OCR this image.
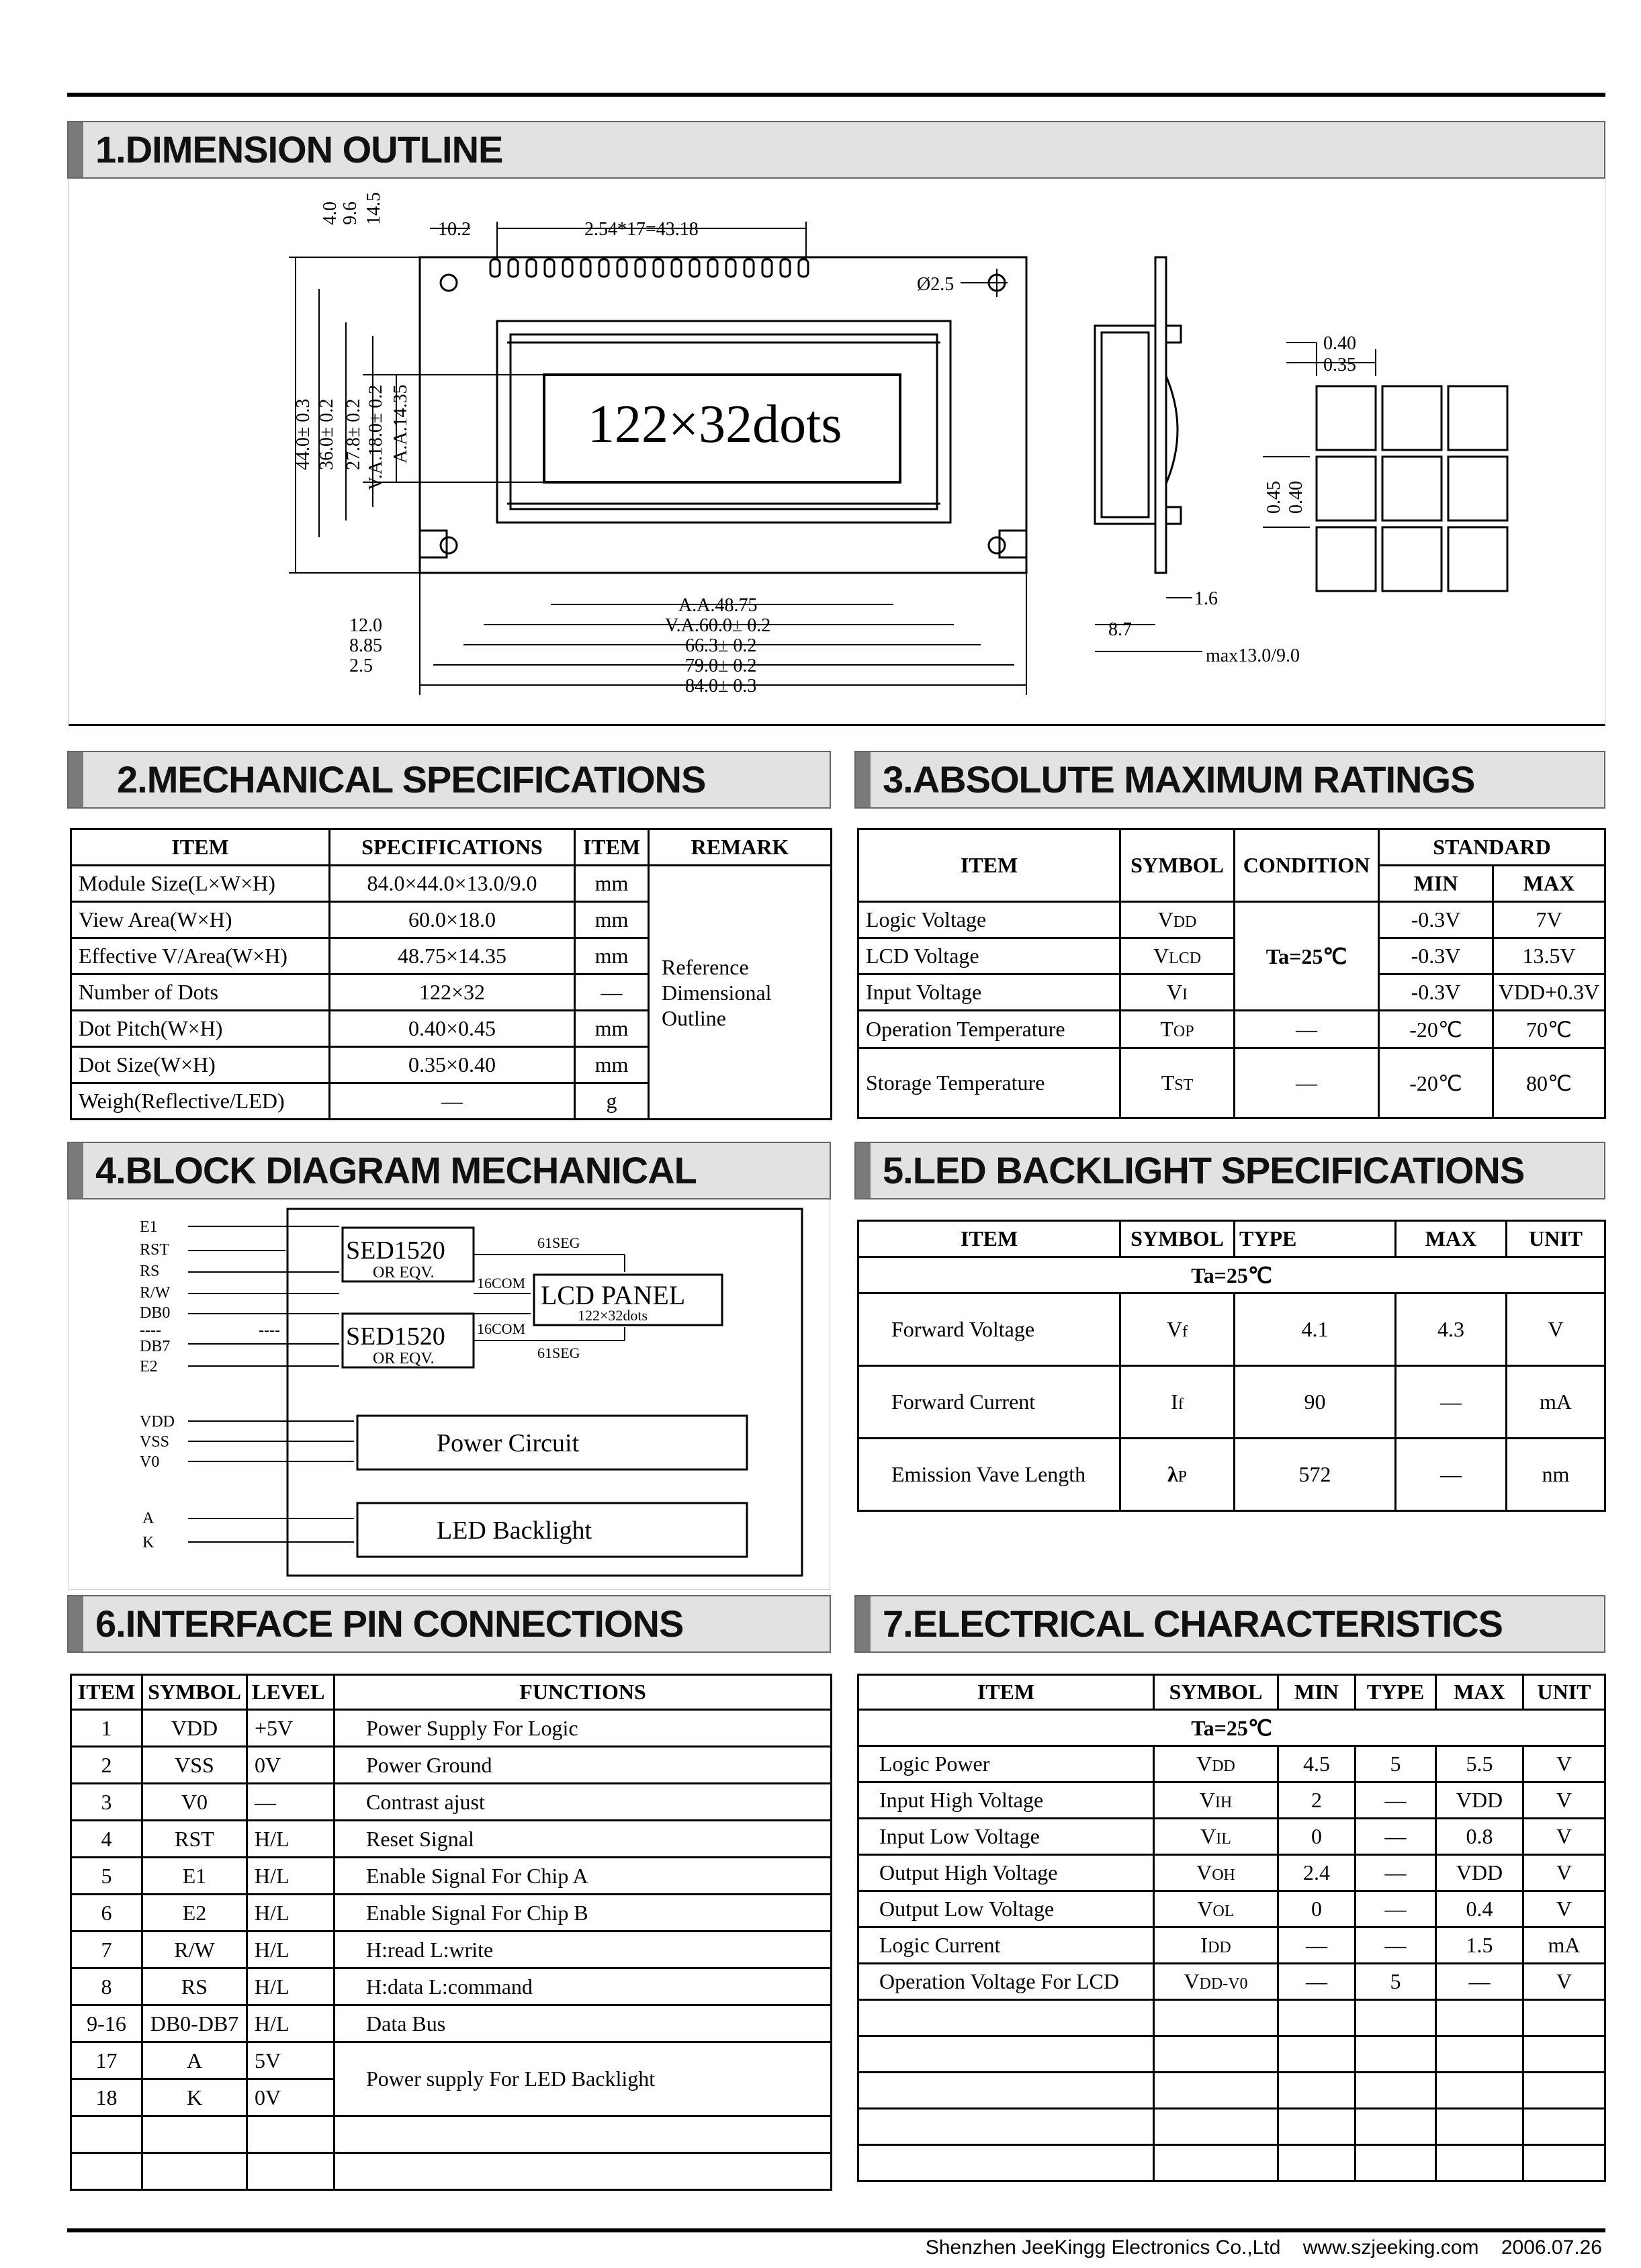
1.DIMENSION OUTLINE
10.2	2.54*17=43.18
Ø2.5
4.0 9.6 14.5
44.0± 0.3 36.0± 0.2 27.8± 0.2 V.A.18.0± 0.2 A.A.14.35
12.0
8.85
2.5
A.A.48.75
V.A.60.0± 0.2
66.3± 0.2
79.0± 0.2
84.0± 0.3
122×32dots
1.6
8.7
max13.0/9.0
0.40
0.35
0.45 0.40
2.MECHANICAL SPECIFICATIONS
ITEM	SPECIFICATIONS	ITEM	REMARK
Module Size(L×W×H)	84.0×44.0×13.0/9.0	mm	Reference
Dimensional
Outline

View Area(W×H)	60.0×18.0	mm	
Effective V/Area(W×H)	48.75×14.35	mm	
Number of Dots	122×32	—	
Dot Pitch(W×H)	0.40×0.45	mm	
Dot Size(W×H)	0.35×0.40	mm	
Weigh(Reflective/LED)	—	g	
3.ABSOLUTE MAXIMUM RATINGS
ITEM	SYMBOL	CONDITION	STANDARD	
			MIN	MAX
Logic Voltage	VDD	Ta=25℃	-0.3V	7V
LCD Voltage	VLCD		-0.3V	13.5V
Input Voltage	VI		-0.3V	VDD+0.3V
Operation Temperature	TOP	—	-20℃	70℃
Storage Temperature	TST	—	-20℃	80℃
4.BLOCK DIAGRAM MECHANICAL
E1
RST
RS
R/W
DB0
----
DB7
E2
----
VDD
VSS
V0
A
K
SED1520
OR EQV.
SED1520
OR EQV.
LCD PANEL
122×32dots
61SEG
61SEG
16COM
16COM
Power Circuit
LED Backlight
5.LED BACKLIGHT SPECIFICATIONS
ITEM	SYMBOL	TYPE	MAX	UNIT
Ta=25℃				
Forward Voltage	Vf	4.1	4.3	V
Forward Current	If	90	—	mA
Emission Vave Length	λP	572	—	nm
6.INTERFACE PIN CONNECTIONS
ITEM	SYMBOL	LEVEL	FUNCTIONS
1	VDD	+5V	Power Supply For Logic
2	VSS	0V	Power Ground
3	V0	—	Contrast ajust
4	RST	H/L	Reset Signal
5	E1	H/L	Enable Signal For Chip A
6	E2	H/L	Enable Signal For Chip B
7	R/W	H/L	H:read L:write
8	RS	H/L	H:data L:command
9-16	DB0-DB7	H/L	Data Bus
17	A	5V	Power supply For LED Backlight
18	K	0V	

7.ELECTRICAL CHARACTERISTICS
ITEM	SYMBOL	MIN	TYPE	MAX	UNIT
Ta=25℃					
Logic Power	VDD	4.5	5	5.5	V
Input High Voltage	VIH	2	—	VDD	V
Input Low Voltage	VIL	0	—	0.8	V
Output High Voltage	VOH	2.4	—	VDD	V
Output Low Voltage	VOL	0	—	0.4	V
Logic Current	IDD	—	—	1.5	mA
Operation Voltage For LCD	VDD-V0	—	5	—	V

Shenzhen JeeKingg Electronics Co.,Ltd www.szjeeking.com 2006.07.26
